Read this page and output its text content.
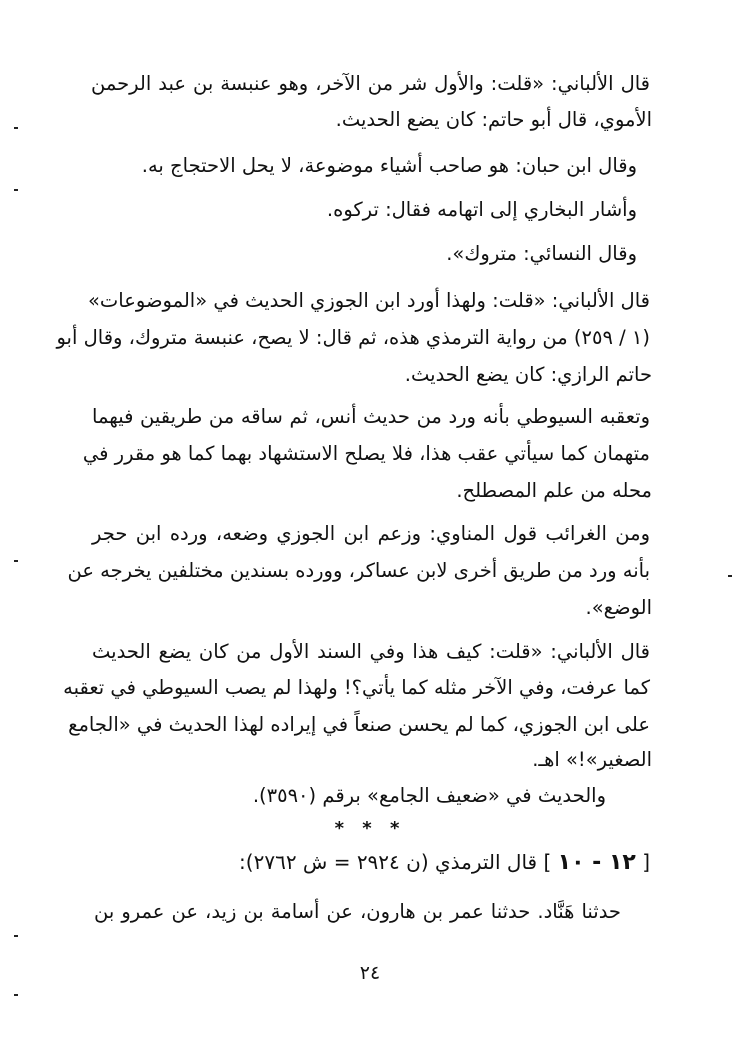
قال الألباني: «قلت: والأول شر من الآخر، وهو عنبسة بن عبد الرحمن

الأموي، قال أبو حاتم: كان يضع الحديث.

وقال ابن حبان: هو صاحب أشياء موضوعة، لا يحل الاحتجاج به.

وأشار البخاري إلى اتهامه فقال: تركوه.

وقال النسائي: متروك».

قال الألباني: «قلت: ولهذا أورد ابن الجوزي الحديث في «الموضوعات»

(١ / ٢٥٩) من رواية الترمذي هذه، ثم قال: لا يصح، عنبسة متروك، وقال أبو

حاتم الرازي: كان يضع الحديث.

وتعقبه السيوطي بأنه ورد من حديث أنس، ثم ساقه من طريقين فيهما

متهمان كما سيأتي عقب هذا، فلا يصلح الاستشهاد بهما كما هو مقرر في

محله من علم المصطلح.

ومن الغرائب قول المناوي: وزعم ابن الجوزي وضعه، ورده ابن حجر

بأنه ورد من طريق أخرى لابن عساكر، وورده بسندين مختلفين يخرجه عن

الوضع».

قال الألباني: «قلت: كيف هذا وفي السند الأول من كان يضع الحديث

كما عرفت، وفي الآخر مثله كما يأتي؟! ولهذا لم يصب السيوطي في تعقبه

على ابن الجوزي، كما لم يحسن صنعاً في إيراده لهذا الحديث في «الجامع

الصغير»!» اهـ.

والحديث في «ضعيف الجامع» برقم (٣٥٩٠).

* * *

[ ١٢ - ١٠ ] قال الترمذي (ن ٢٩٢٤ = ش ٢٧٦٢):

حدثنا هَنَّاد. حدثنا عمر بن هارون، عن أسامة بن زيد، عن عمرو بن

٢٤
